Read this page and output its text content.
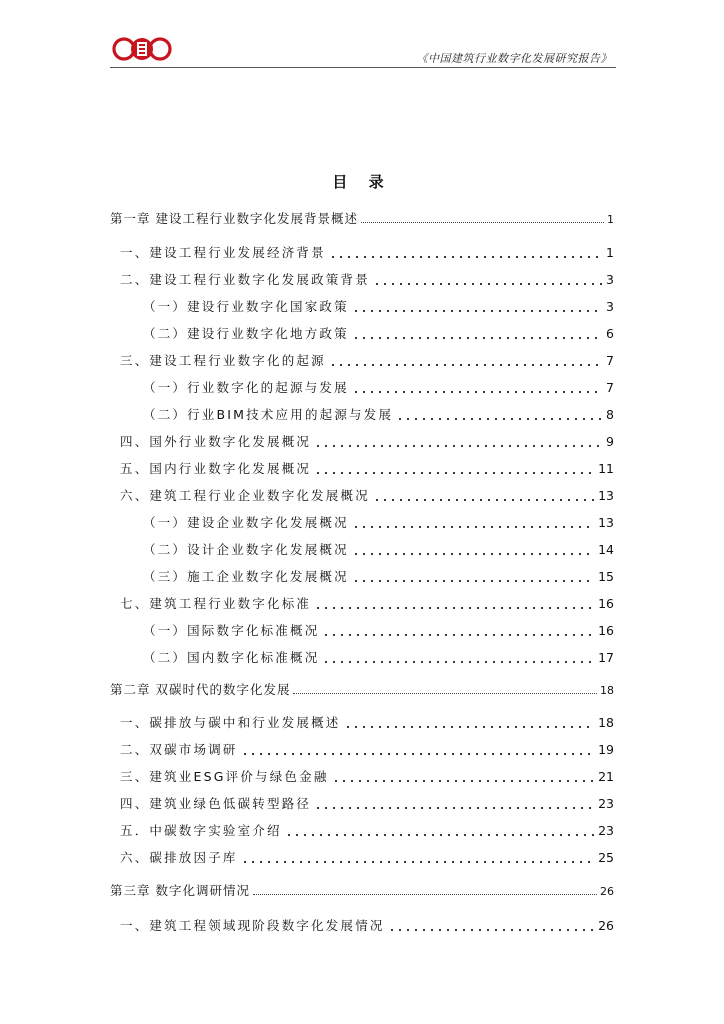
《中国建筑行业数字化发展研究报告》
目 录
第一章 建设工程行业数字化发展背景概述	1
一、建设工程行业发展经济背景	1
二、建设工程行业数字化发展政策背景	3
（一）建设行业数字化国家政策	3
（二）建设行业数字化地方政策	6
三、建设工程行业数字化的起源	7
（一）行业数字化的起源与发展	7
（二）行业BIM技术应用的起源与发展	8
四、国外行业数字化发展概况	9
五、国内行业数字化发展概况	11
六、建筑工程行业企业数字化发展概况	13
（一）建设企业数字化发展概况	13
（二）设计企业数字化发展概况	14
（三）施工企业数字化发展概况	15
七、建筑工程行业数字化标准	16
（一）国际数字化标准概况	16
（二）国内数字化标准概况	17
第二章 双碳时代的数字化发展	18
一、碳排放与碳中和行业发展概述	18
二、双碳市场调研	19
三、建筑业ESG评价与绿色金融	21
四、建筑业绿色低碳转型路径	23
五．中碳数字实验室介绍	23
六、碳排放因子库	25
第三章 数字化调研情况	26
一、建筑工程领域现阶段数字化发展情况	26
